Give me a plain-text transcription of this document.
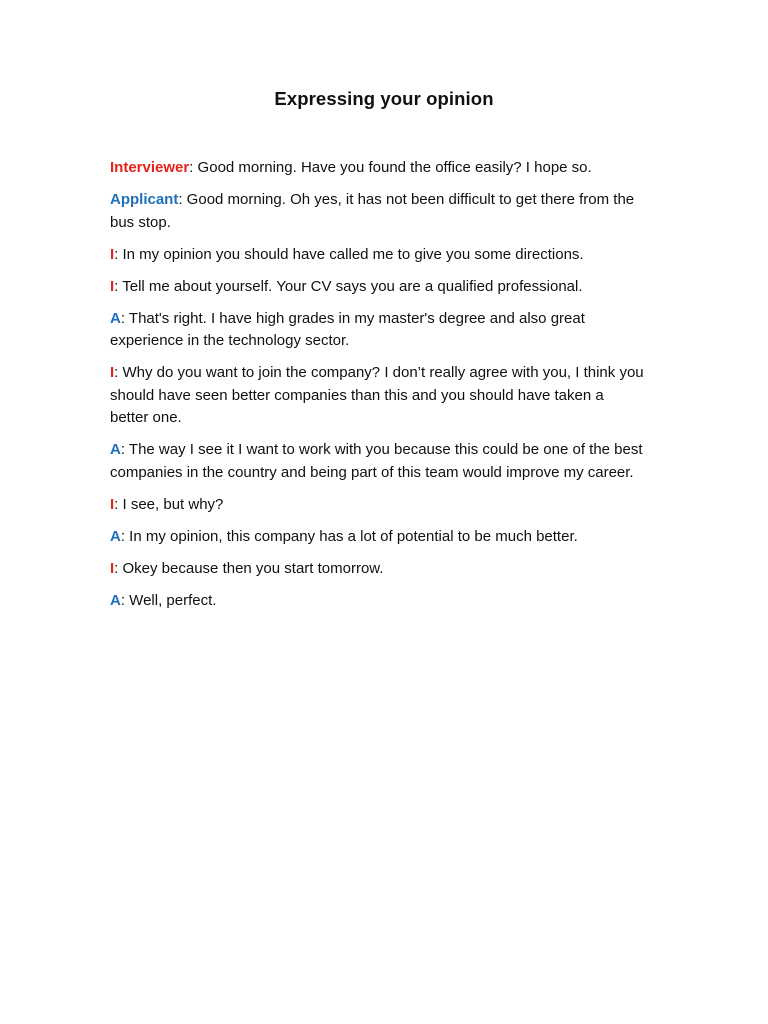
Expressing your opinion

Interviewer: Good morning. Have you found the office easily? I hope so.

Applicant: Good morning. Oh yes, it has not been difficult to get there from the bus stop.

I: In my opinion you should have called me to give you some directions.

I: Tell me about yourself. Your CV says you are a qualified professional.

A: That's right. I have high grades in my master's degree and also great experience in the technology sector.

I: Why do you want to join the company? I don’t really agree with you, I think you should have seen better companies than this and you should have taken a better one.

A: The way I see it I want to work with you because this could be one of the best companies in the country and being part of this team would improve my career.

I: I see, but why?

A: In my opinion, this company has a lot of potential to be much better.

I: Okey because then you start tomorrow.

A: Well, perfect.
